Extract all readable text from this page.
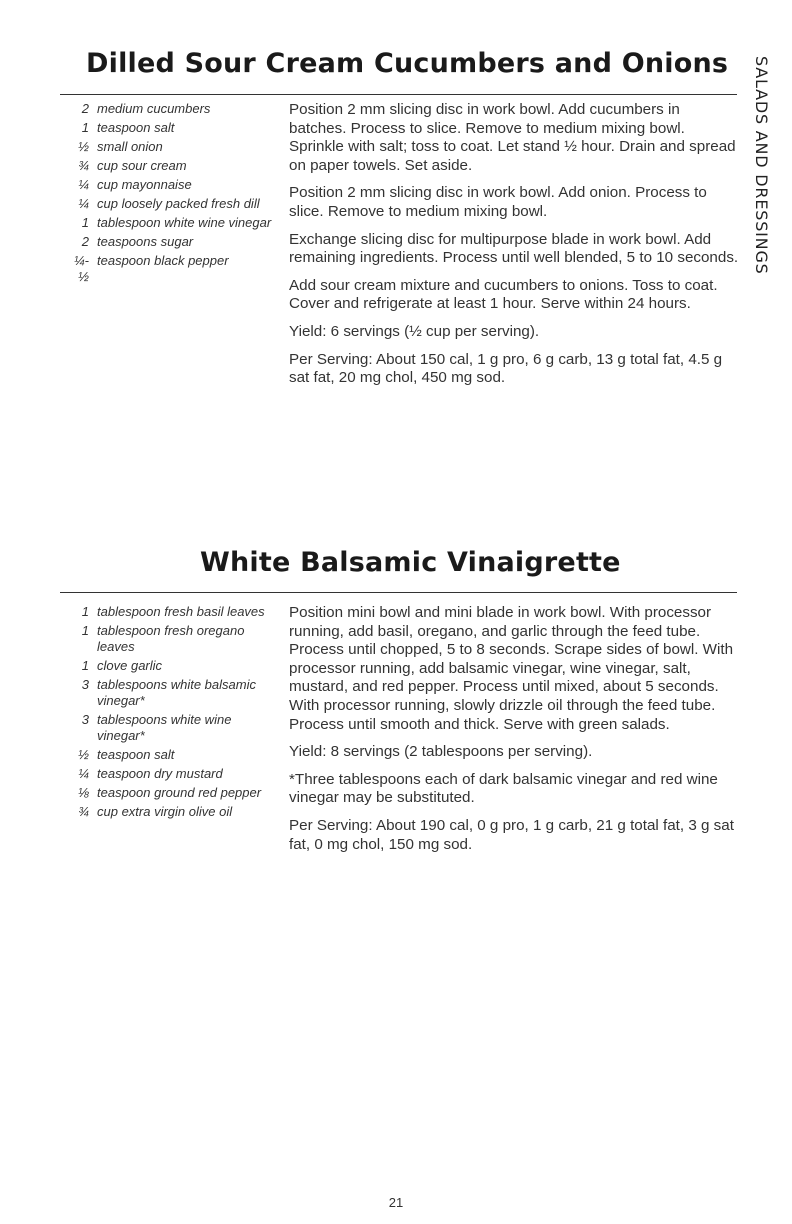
SALADS AND DRESSINGS
Dilled Sour Cream Cucumbers and Onions
2 medium cucumbers
1 teaspoon salt
½ small onion
¾ cup sour cream
¼ cup mayonnaise
¼ cup loosely packed fresh dill
1 tablespoon white wine vinegar
2 teaspoons sugar
¼-½
teaspoon black pepper

Position 2 mm slicing disc in work bowl. Add cucumbers in batches. Process to slice. Remove to medium mixing bowl. Sprinkle with salt; toss to coat. Let stand ½ hour. Drain and spread on paper towels. Set aside.

Position 2 mm slicing disc in work bowl. Add onion. Process to slice. Remove to medium mixing bowl.

Exchange slicing disc for multipurpose blade in work bowl. Add remaining ingredients. Process until well blended, 5 to 10 seconds.

Add sour cream mixture and cucumbers to onions. Toss to coat. Cover and refrigerate at least 1 hour. Serve within 24 hours.

Yield: 6 servings (½ cup per serving).

Per Serving: About 150 cal, 1 g pro, 6 g carb, 13 g total fat, 4.5 g sat fat, 20 mg chol, 450 mg sod.

White Balsamic Vinaigrette
1 tablespoon fresh basil leaves
1 tablespoon fresh oregano leaves
1 clove garlic
3 tablespoons white balsamic vinegar*
3 tablespoons white wine vinegar*
½ teaspoon salt
¼ teaspoon dry mustard
⅛ teaspoon ground red pepper
¾ cup extra virgin olive oil

Position mini bowl and mini blade in work bowl. With processor running, add basil, oregano, and garlic through the feed tube. Process until chopped, 5 to 8 seconds. Scrape sides of bowl. With processor running, add balsamic vinegar, wine vinegar, salt, mustard, and red pepper. Process until mixed, about 5 seconds. With processor running, slowly drizzle oil through the feed tube. Process until smooth and thick. Serve with green salads.

Yield: 8 servings (2 tablespoons per serving).

*Three tablespoons each of dark balsamic vinegar and red wine vinegar may be substituted.

Per Serving: About 190 cal, 0 g pro, 1 g carb, 21 g total fat, 3 g sat fat, 0 mg chol, 150 mg sod.

21
